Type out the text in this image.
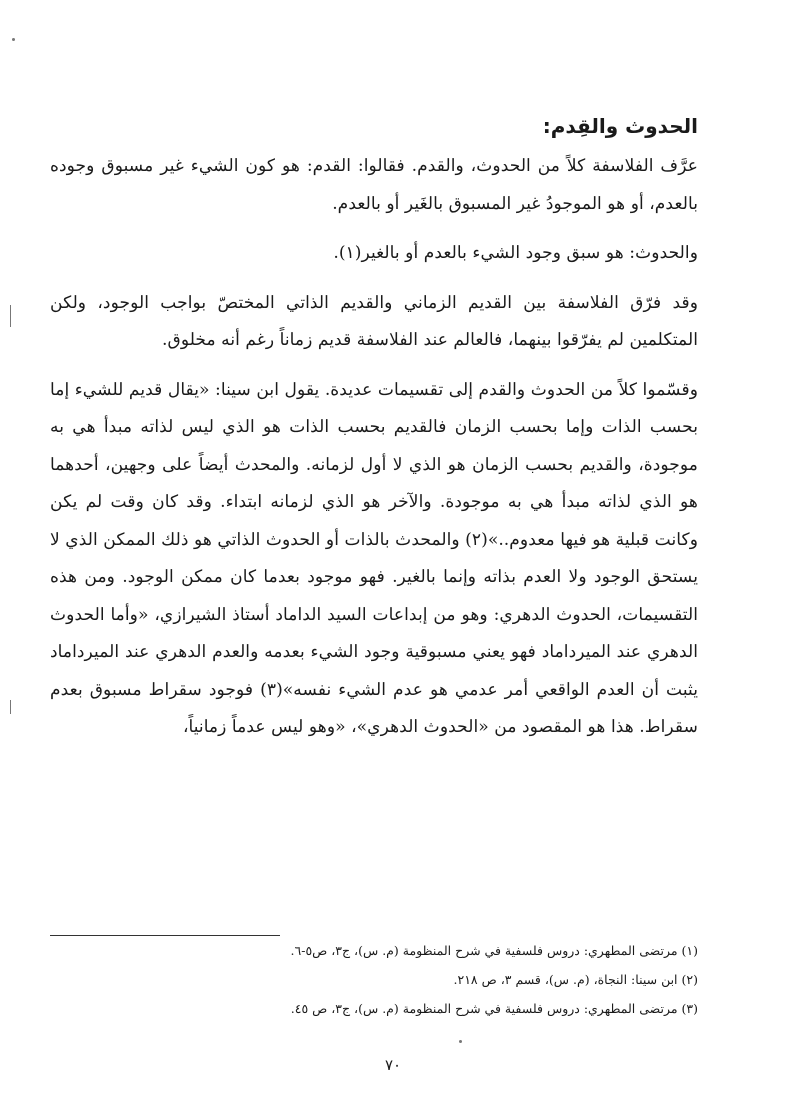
الحدوث والقِدم:

عرَّف الفلاسفة كلاً من الحدوث، والقدم. فقالوا: القدم: هو كون الشيء غير مسبوق وجوده بالعدم، أو هو الموجودُ غير المسبوق بالغَير أو بالعدم.

والحدوث: هو سبق وجود الشيء بالعدم أو بالغير(١).

وقد فرّق الفلاسفة بين القديم الزماني والقديم الذاتي المختصّ بواجب الوجود، ولكن المتكلمين لم يفرّقوا بينهما، فالعالم عند الفلاسفة قديم زماناً رغم أنه مخلوق.

وقسّموا كلاً من الحدوث والقدم إلى تقسيمات عديدة. يقول ابن سينا: «يقال قديم للشيء إما بحسب الذات وإما بحسب الزمان فالقديم بحسب الذات هو الذي ليس لذاته مبدأ هي به موجودة، والقديم بحسب الزمان هو الذي لا أول لزمانه. والمحدث أيضاً على وجهين، أحدهما هو الذي لذاته مبدأ هي به موجودة. والآخر هو الذي لزمانه ابتداء. وقد كان وقت لم يكن وكانت قبلية هو فيها معدوم..»(٢) والمحدث بالذات أو الحدوث الذاتي هو ذلك الممكن الذي لا يستحق الوجود ولا العدم بذاته وإنما بالغير. فهو موجود بعدما كان ممكن الوجود. ومن هذه التقسيمات، الحدوث الدهري: وهو من إبداعات السيد الداماد أستاذ الشيرازي، «وأما الحدوث الدهري عند الميرداماد فهو يعني مسبوقية وجود الشيء بعدمه والعدم الدهري عند الميرداماد يثبت أن العدم الواقعي أمر عدمي هو عدم الشيء نفسه»(٣) فوجود سقراط مسبوق بعدم سقراط. هذا هو المقصود من «الحدوث الدهري»، «وهو ليس عدماً زمانياً،

(١) مرتضى المطهري: دروس فلسفية في شرح المنظومة (م. س)، ج٣، ص٥-٦.
(٢) ابن سينا: النجاة، (م. س)، قسم ٣، ص ٢١٨.
(٣) مرتضى المطهري: دروس فلسفية في شرح المنظومة (م. س)، ج٣، ص ٤٥.
٧٠
